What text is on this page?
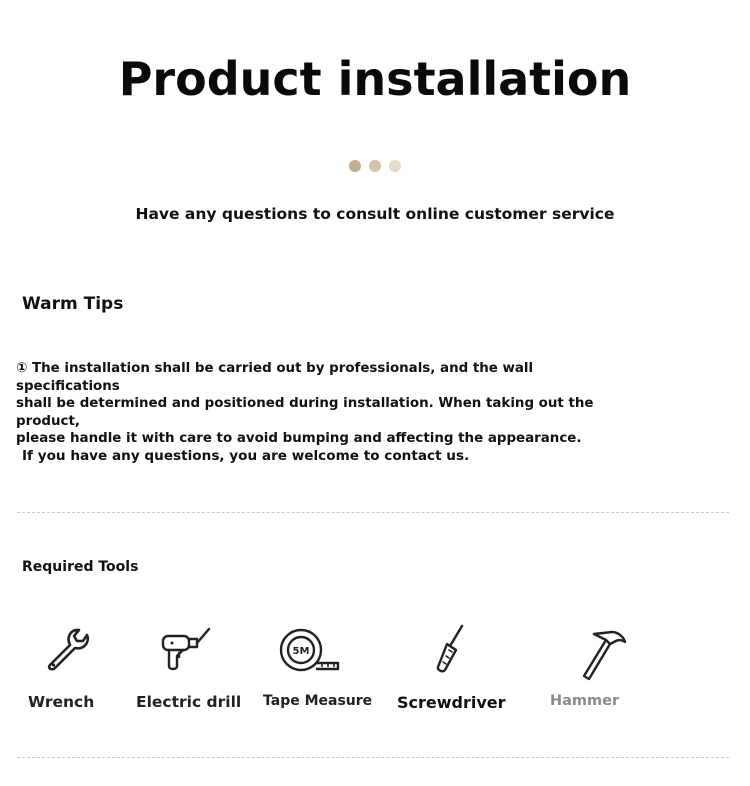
Product installation
Have any questions to consult online customer service
Warm Tips
① The installation shall be carried out by professionals, and the wall specifications
shall be determined and positioned during installation. When taking out the product,
please handle it with care to avoid bumping and affecting the appearance.
If you have any questions, you are welcome to contact us.
Required Tools
Wrench	Electric drill
5M
Tape Measure Screwdriver	Hammer
